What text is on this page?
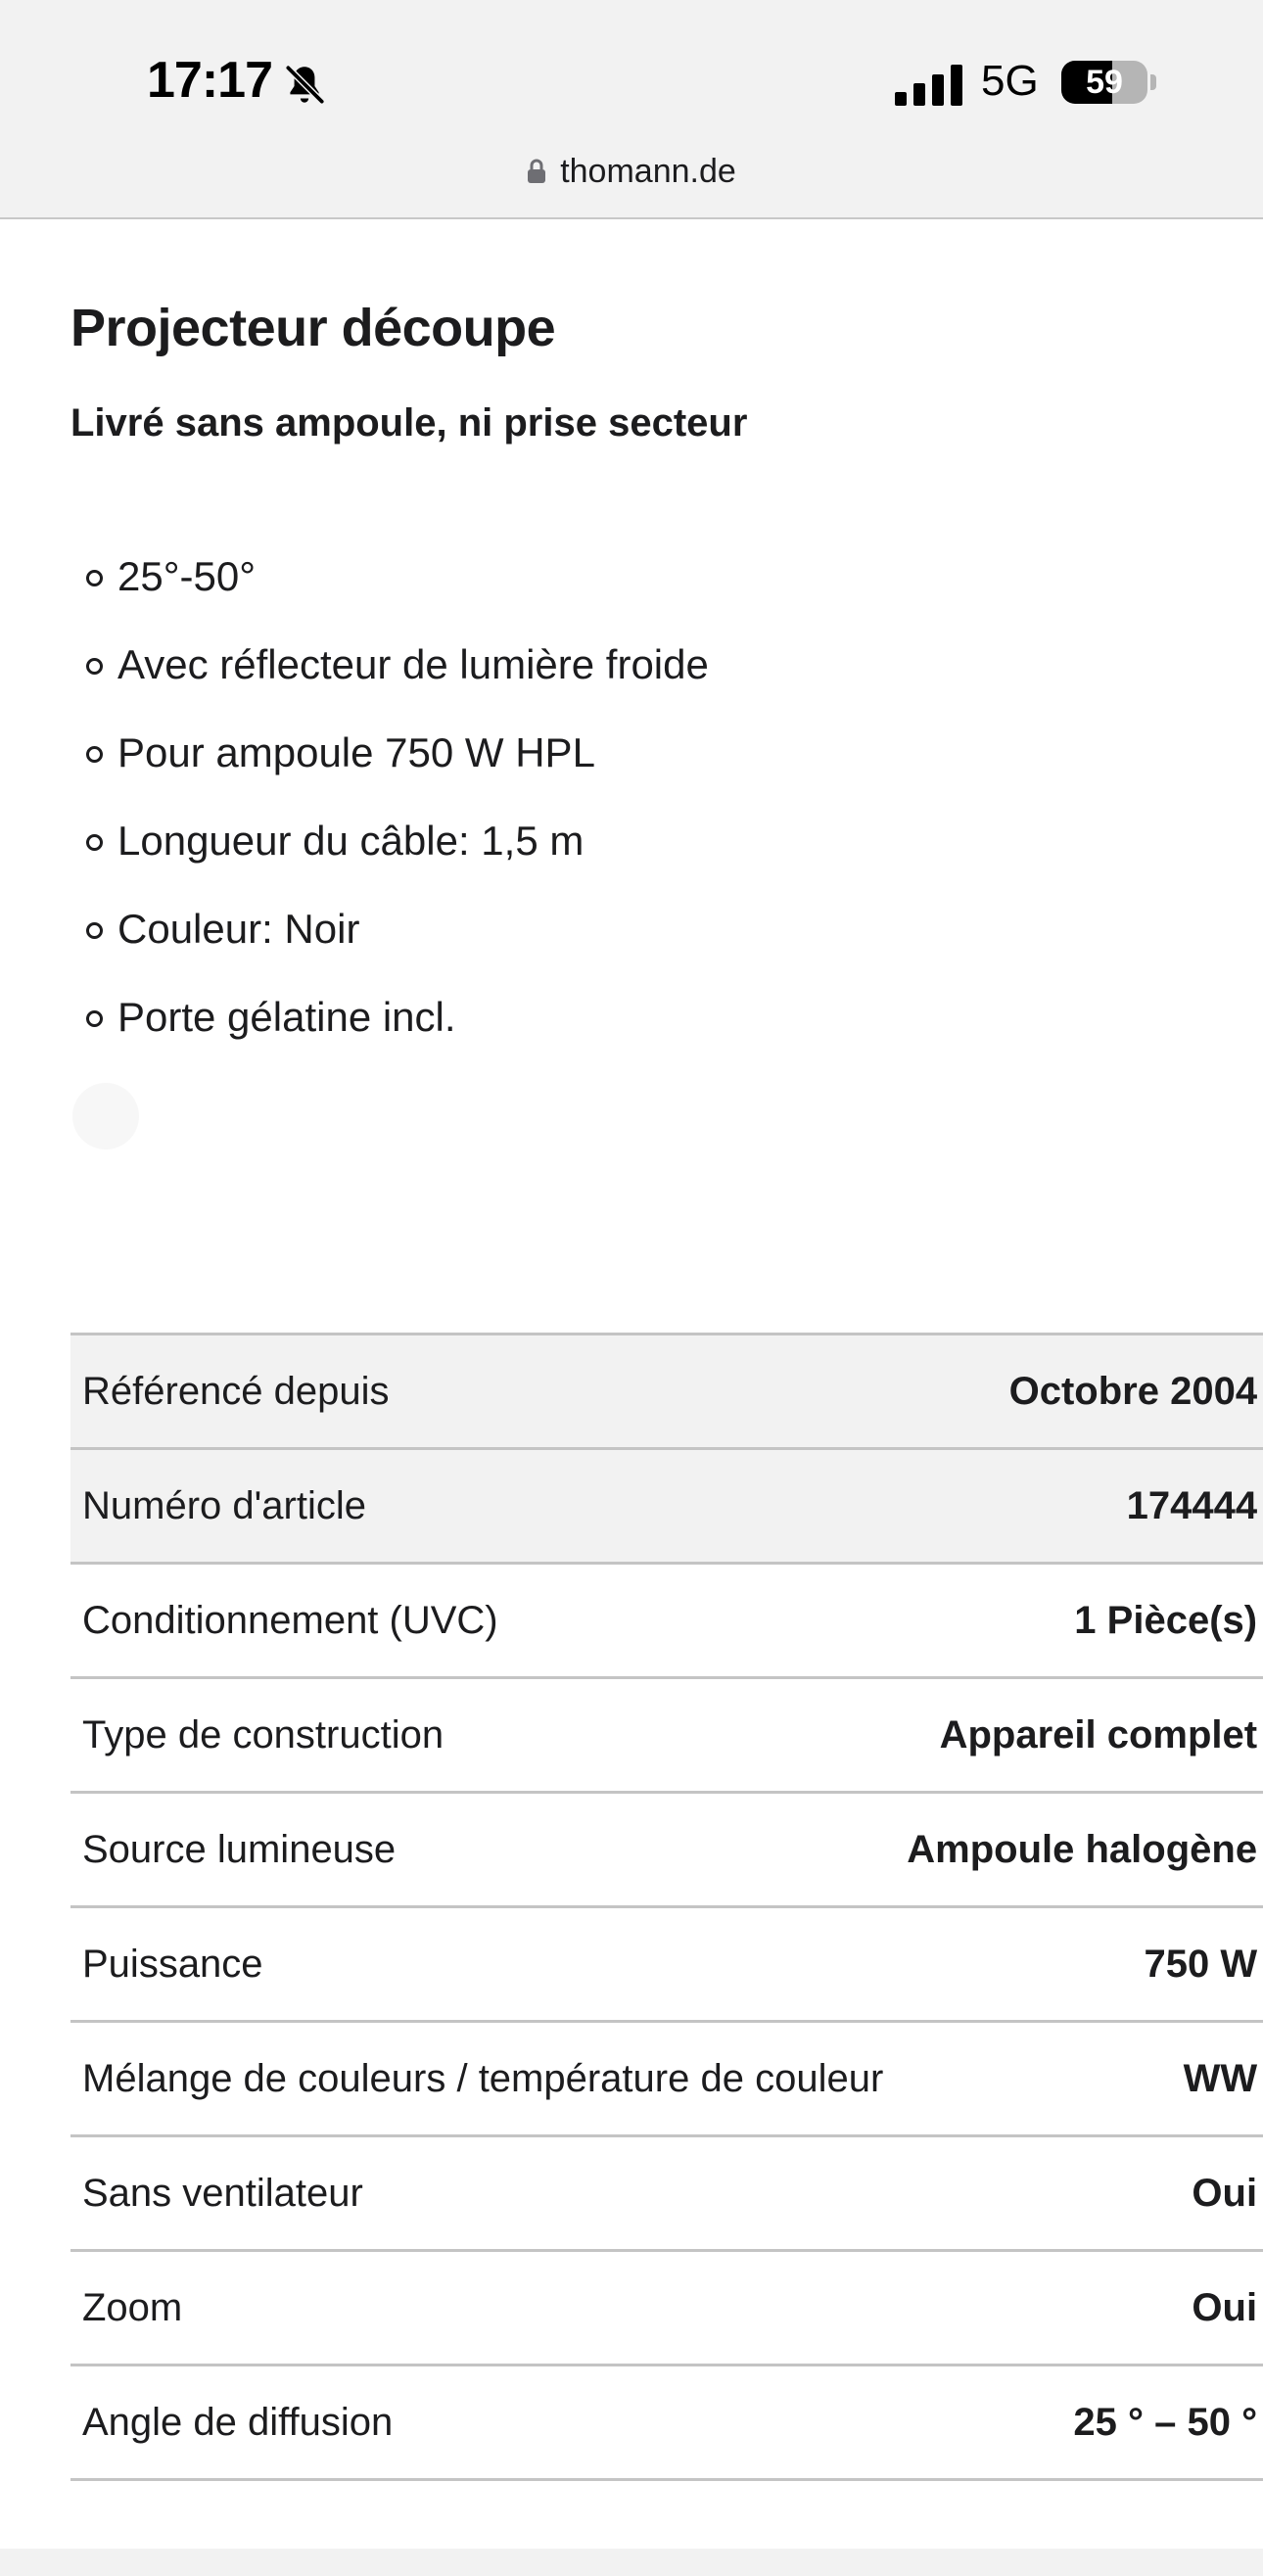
17:17	5G	59
thomann.de
Projecteur découpe

Livré sans ampoule, ni prise secteur

25°-50°
Avec réflecteur de lumière froide
Pour ampoule 750 W HPL
Longueur du câble: 1,5 m
Couleur: Noir
Porte gélatine incl.
Référencé depuis	Octobre 2004
Numéro d'article	174444
Conditionnement (UVC)	1 Pièce(s)
Type de construction	Appareil complet
Source lumineuse	Ampoule halogène
Puissance	750 W
Mélange de couleurs / température de couleur	WW
Sans ventilateur	Oui
Zoom	Oui
Angle de diffusion	25 ° – 50 °
